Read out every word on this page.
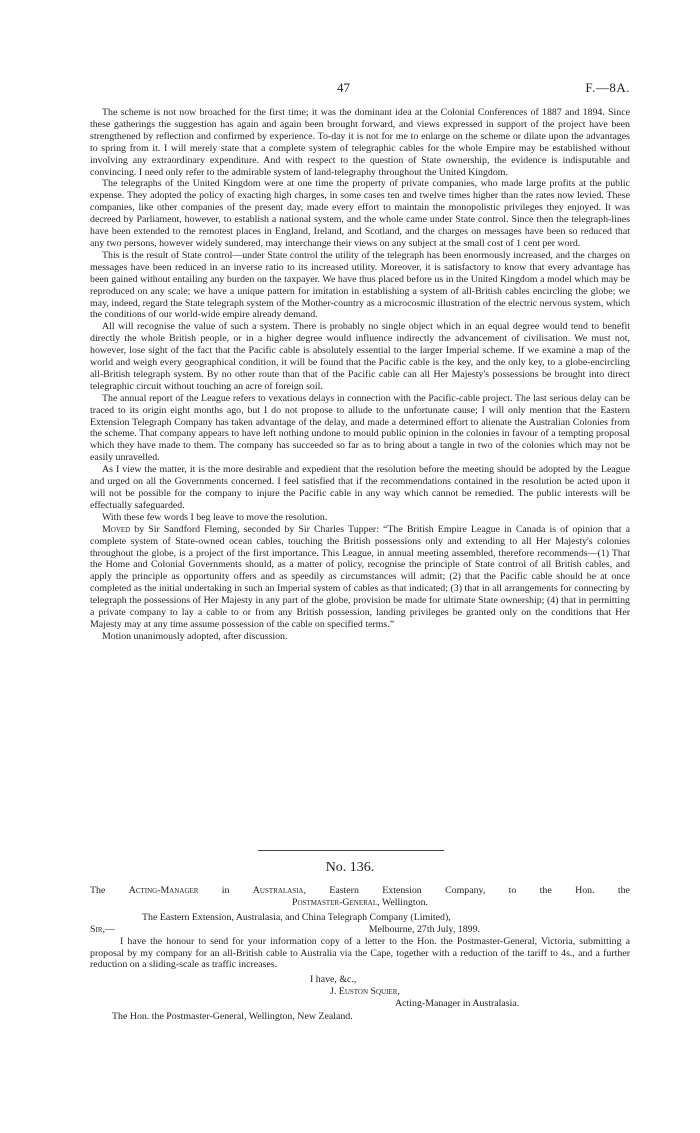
47	F.—8A.

The scheme is not now broached for the first time; it was the dominant idea at the Colonial Conferences of 1887 and 1894. Since these gatherings the suggestion has again and again been brought forward, and views expressed in support of the project have been strengthened by reflection and confirmed by experience. To-day it is not for me to enlarge on the scheme or dilate upon the advantages to spring from it. I will merely state that a complete system of telegraphic cables for the whole Empire may be established without involving any extraordinary expenditure. And with respect to the question of State ownership, the evidence is indisputable and convincing. I need only refer to the admirable system of land-telegraphy throughout the United Kingdom.

The telegraphs of the United Kingdom were at one time the property of private companies, who made large profits at the public expense. They adopted the policy of exacting high charges, in some cases ten and twelve times higher than the rates now levied. These companies, like other companies of the present day, made every effort to maintain the monopolistic privileges they enjoyed. It was decreed by Parliament, however, to establish a national system, and the whole came under State control. Since then the telegraph-lines have been extended to the remotest places in England, Ireland, and Scotland, and the charges on messages have been so reduced that any two persons, however widely sundered, may interchange their views on any subject at the small cost of 1 cent per word.

This is the result of State control—under State control the utility of the telegraph has been enormously increased, and the charges on messages have been reduced in an inverse ratio to its increased utility. Moreover, it is satisfactory to know that every advantage has been gained without entailing any burden on the taxpayer. We have thus placed before us in the United Kingdom a model which may be reproduced on any scale; we have a unique pattern for imitation in establishing a system of all-British cables encircling the globe; we may, indeed, regard the State telegraph system of the Mother-country as a microcosmic illustration of the electric nervous system, which the conditions of our world-wide empire already demand.

All will recognise the value of such a system. There is probably no single object which in an equal degree would tend to benefit directly the whole British people, or in a higher degree would influence indirectly the advancement of civilisation. We must not, however, lose sight of the fact that the Pacific cable is absolutely essential to the larger Imperial scheme. If we examine a map of the world and weigh every geographical condition, it will be found that the Pacific cable is the key, and the only key, to a globe-encircling all-British telegraph system. By no other route than that of the Pacific cable can all Her Majesty's possessions be brought into direct telegraphic circuit without touching an acre of foreign soil.

The annual report of the League refers to vexatious delays in connection with the Pacific-cable project. The last serious delay can be traced to its origin eight months ago, but I do not propose to allude to the unfortunate cause; I will only mention that the Eastern Extension Telegraph Company has taken advantage of the delay, and made a determined effort to alienate the Australian Colonies from the scheme. That company appears to have left nothing undone to mould public opinion in the colonies in favour of a tempting proposal which they have made to them. The company has succeeded so far as to bring about a tangle in two of the colonies which may not be easily unravelled.

As I view the matter, it is the more desirable and expedient that the resolution before the meeting should be adopted by the League and urged on all the Governments concerned. I feel satisfied that if the recommendations contained in the resolution be acted upon it will not be possible for the company to injure the Pacific cable in any way which cannot be remedied. The public interests will be effectually safeguarded.

With these few words I beg leave to move the resolution.

Moved by Sir Sandford Fleming, seconded by Sir Charles Tupper: “The British Empire League in Canada is of opinion that a complete system of State-owned ocean cables, touching the British possessions only and extending to all Her Majesty's colonies throughout the globe, is a project of the first importance. This League, in annual meeting assembled, therefore recommends—(1) That the Home and Colonial Governments should, as a matter of policy, recognise the principle of State control of all British cables, and apply the principle as opportunity offers and as speedily as circumstances will admit; (2) that the Pacific cable should be at once completed as the initial undertaking in such an Imperial system of cables as that indicated; (3) that in all arrangements for connecting by telegraph the possessions of Her Majesty in any part of the globe, provision be made for ultimate State ownership; (4) that in permitting a private company to lay a cable to or from any British possession, landing privileges be granted only on the conditions that Her Majesty may at any time assume possession of the cable on specified terms.”

Motion unanimously adopted, after discussion.

No. 136.
The Acting-Manager in Australasia, Eastern Extension Company, to the Hon. the
Postmaster-General, Wellington.
The Eastern Extension, Australasia, and China Telegraph Company (Limited),
Sir,—	Melbourne, 27th July, 1899.
I have the honour to send for your information copy of a letter to the Hon. the Postmaster-General, Victoria, submitting a proposal by my company for an all-British cable to Australia via the Cape, together with a reduction of the tariff to 4s., and a further reduction on a sliding-scale as traffic increases.
I have, &c.,
J. Euston Squier,
Acting-Manager in Australasia.
The Hon. the Postmaster-General, Wellington, New Zealand.
